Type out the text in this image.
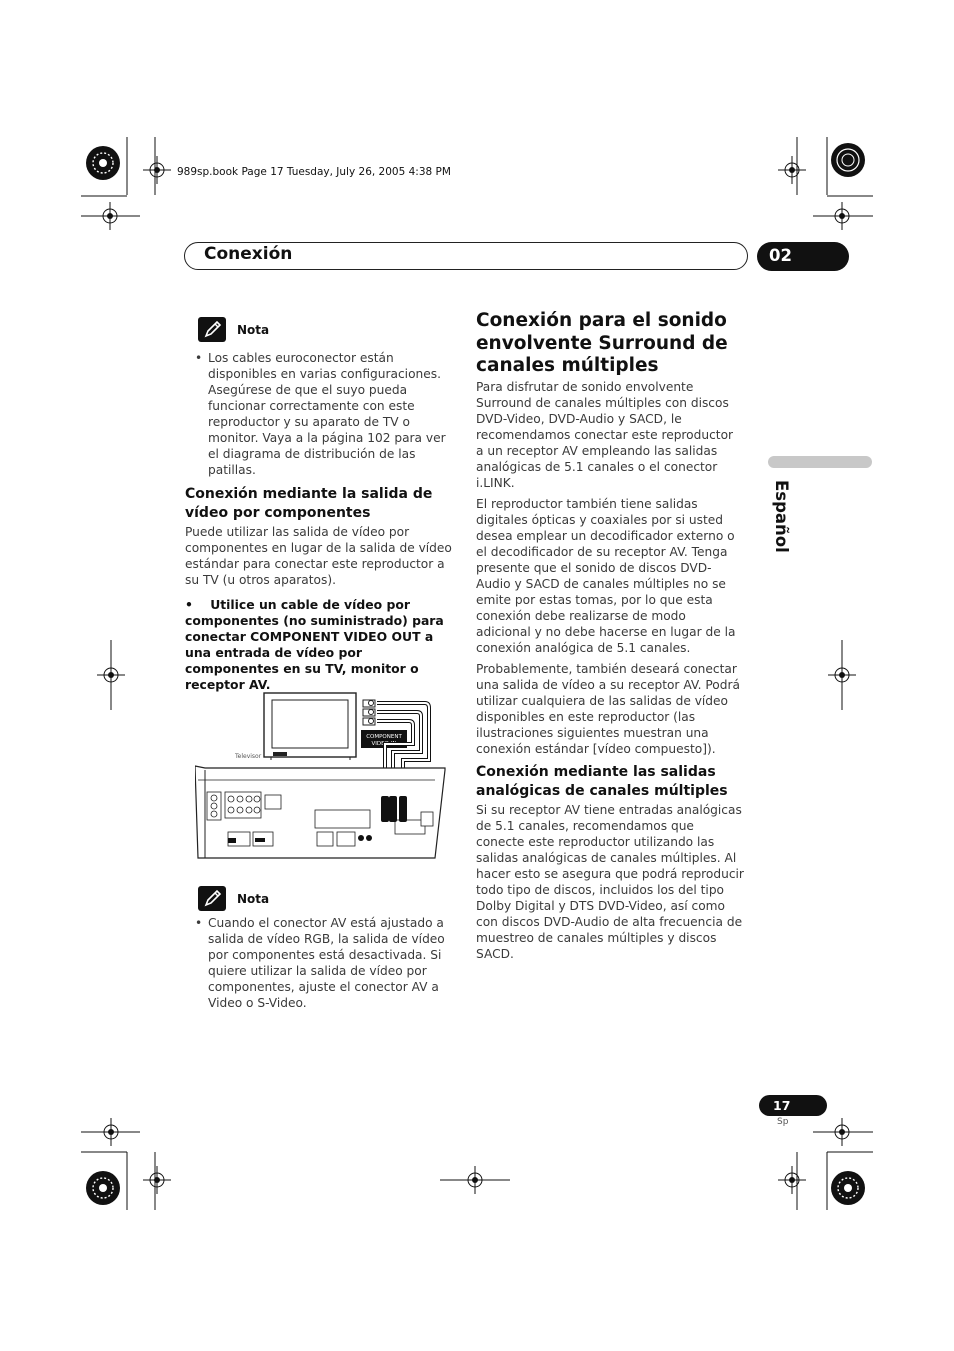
989sp.book Page 17 Tuesday, July 26, 2005 4:38 PM
Conexión	02
Español
Nota
• Los cables euroconector están disponibles en varias configuraciones. Asegúrese de que el suyo pueda funcionar correctamente con este reproductor y su aparato de TV o monitor. Vaya a la página 102 para ver el diagrama de distribución de las patillas.

Conexión mediante la salida de vídeo por componentes
Puede utilizar las salida de vídeo por componentes en lugar de la salida de vídeo estándar para conectar este reproductor a su TV (u otros aparatos).
•    Utilice un cable de vídeo por componentes (no suministrado) para conectar COMPONENT VIDEO OUT a una entrada de vídeo por componentes en su TV, monitor o receptor AV.
Televisor
COMPONENT
VIDEO IN
Nota
• Cuando el conector AV está ajustado a salida de vídeo RGB, la salida de vídeo por componentes está desactivada. Si quiere utilizar la salida de vídeo por componentes, ajuste el conector AV a Video o S-Video.

Conexión para el sonido envolvente Surround de canales múltiples

Para disfrutar de sonido envolvente Surround de canales múltiples con discos DVD-Video, DVD-Audio y SACD, le recomendamos conectar este reproductor a un receptor AV empleando las salidas analógicas de 5.1 canales o el conector i.LINK.

El reproductor también tiene salidas digitales ópticas y coaxiales por si usted desea emplear un decodificador externo o el decodificador de su receptor AV. Tenga presente que el sonido de discos DVD-Audio y SACD de canales múltiples no se emite por estas tomas, por lo que esta conexión debe realizarse de modo adicional y no debe hacerse en lugar de la conexión analógica de 5.1 canales.

Probablemente, también deseará conectar una salida de vídeo a su receptor AV. Podrá utilizar cualquiera de las salidas de vídeo disponibles en este reproductor (las ilustraciones siguientes muestran una conexión estándar [vídeo compuesto]).

Conexión mediante las salidas analógicas de canales múltiples
Si su receptor AV tiene entradas analógicas de 5.1 canales, recomendamos que conecte este reproductor utilizando las salidas analógicas de canales múltiples. Al hacer esto se asegura que podrá reproducir todo tipo de discos, incluidos los del tipo Dolby Digital y DTS DVD-Video, así como con discos DVD-Audio de alta frecuencia de muestreo de canales múltiples y discos SACD.
17
Sp
